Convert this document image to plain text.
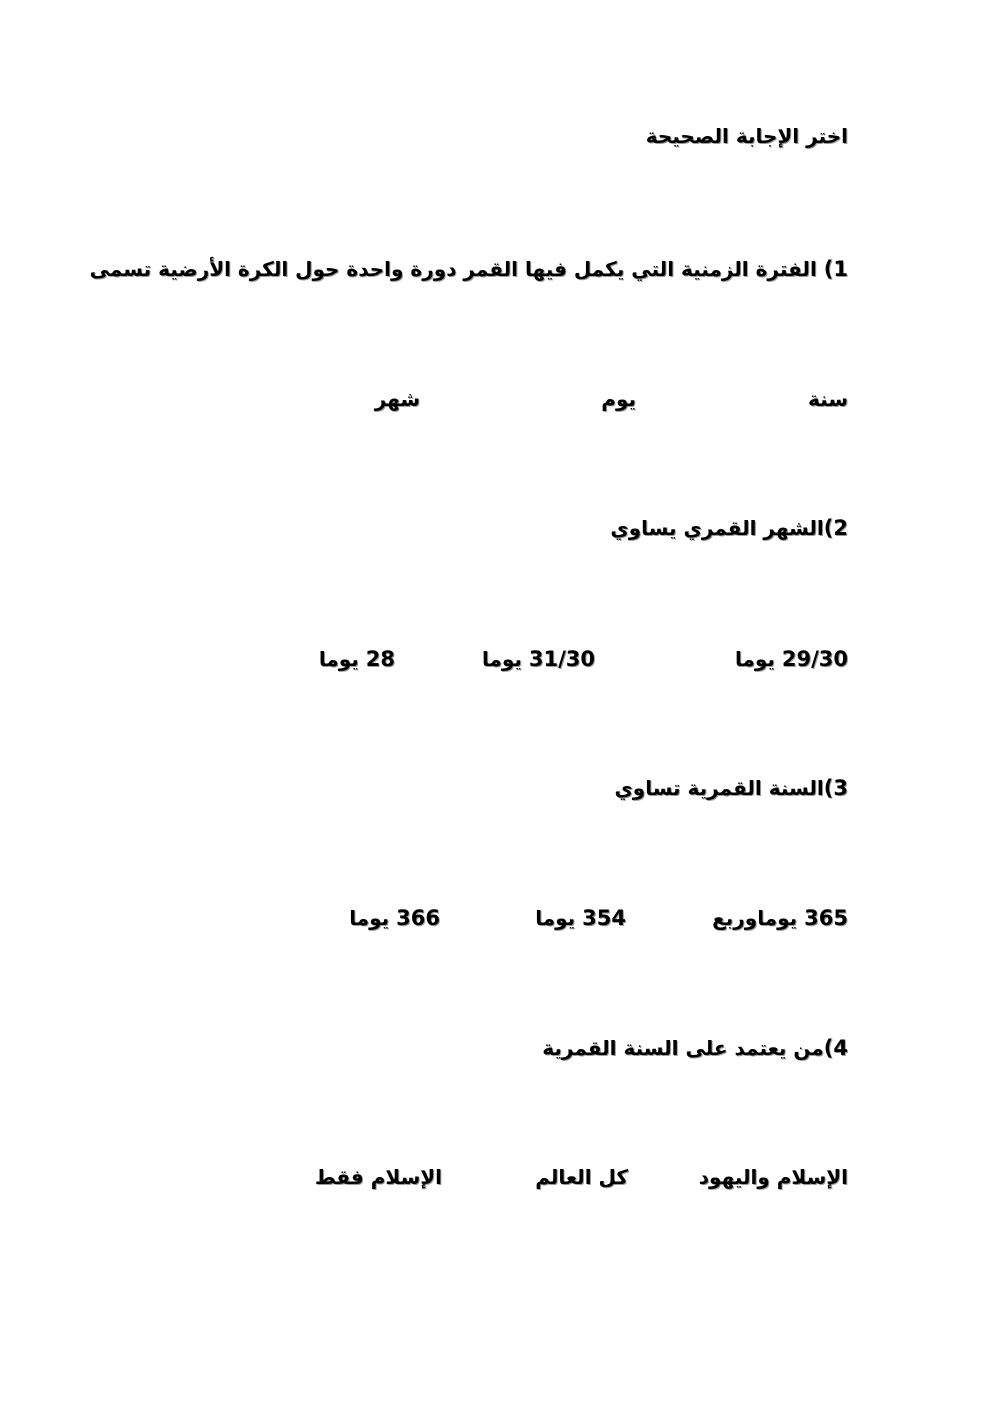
اختر الإجابة الصحيحة
1) الفترة الزمنية التي يكمل فيها القمر دورة واحدة حول الكرة الأرضية تسمى
سنة
يوم
شهر
2)الشهر القمري يساوي
29/30 يوما
31/30 يوما
28 يوما
3)السنة القمرية تساوي
365 يوماوربع
354 يوما
366 يوما
4)من يعتمد على السنة القمرية
الإسلام واليهود
كل العالم
الإسلام فقط
